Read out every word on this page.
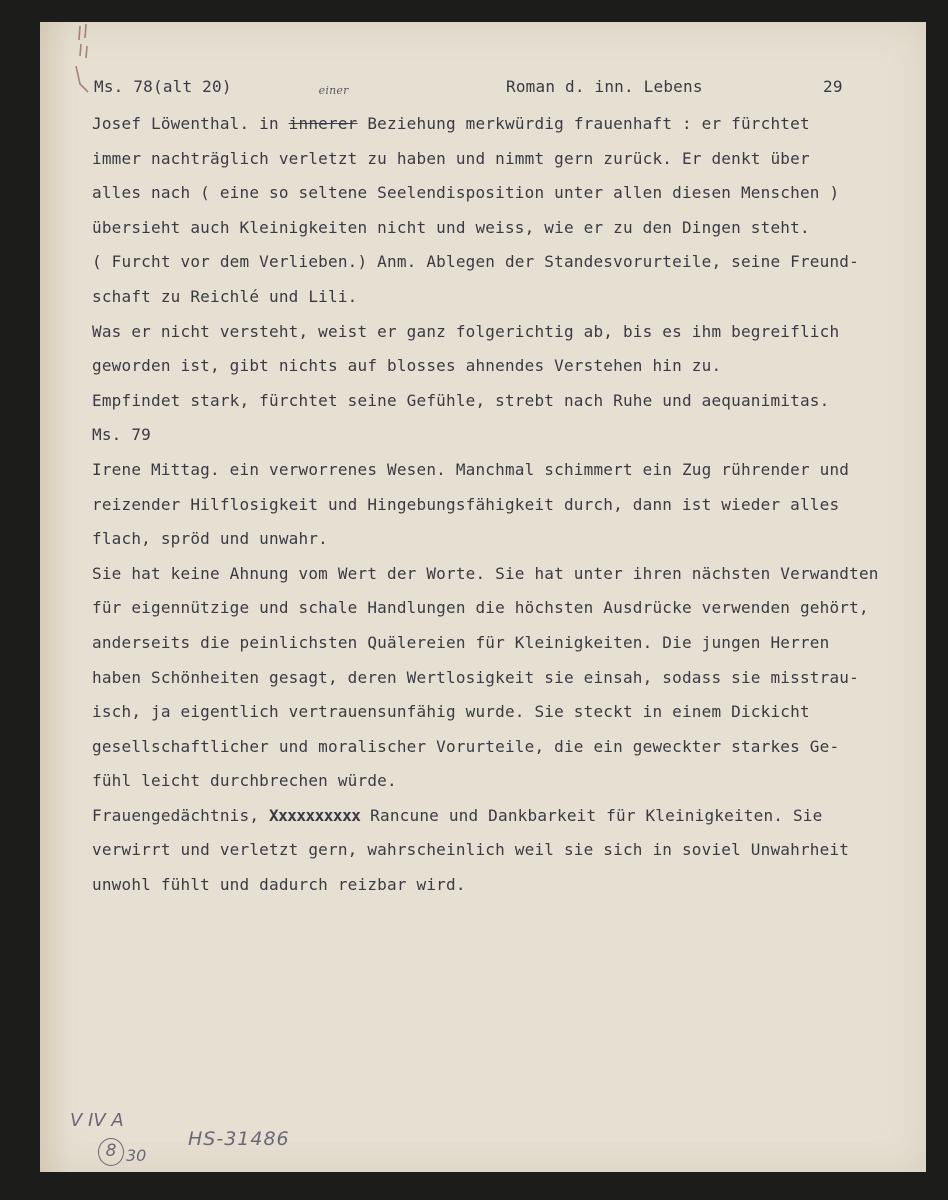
Ms. 78(alt 20)	Roman d. inn. Lebens	29
Josef Löwenthal. in innerer
einer
Beziehung merkwürdig frauenhaft : er fürchtet
immer nachträglich verletzt zu haben und nimmt gern zurück. Er denkt über
alles nach ( eine so seltene Seelendisposition unter allen diesen Menschen )
übersieht auch Kleinigkeiten nicht und weiss, wie er zu den Dingen steht.
( Furcht vor dem Verlieben.) Anm. Ablegen der Standesvorurteile, seine Freund-
schaft zu Reichlé und Lili.
Was er nicht versteht, weist er ganz folgerichtig ab, bis es ihm begreiflich
geworden ist, gibt nichts auf blosses ahnendes Verstehen hin zu.
Empfindet stark, fürchtet seine Gefühle, strebt nach Ruhe und aequanimitas.
Ms. 79
Irene Mittag. ein verworrenes Wesen. Manchmal schimmert ein Zug rührender und
reizender Hilflosigkeit und Hingebungsfähigkeit durch, dann ist wieder alles
flach, spröd und unwahr.
Sie hat keine Ahnung vom Wert der Worte. Sie hat unter ihren nächsten Verwandten
für eigennützige und schale Handlungen die höchsten Ausdrücke verwenden gehört,
anderseits die peinlichsten Quälereien für Kleinigkeiten. Die jungen Herren
haben Schönheiten gesagt, deren Wertlosigkeit sie einsah, sodass sie misstrau-
isch, ja eigentlich vertrauensunfähig wurde. Sie steckt in einem Dickicht
gesellschaftlicher und moralischer Vorurteile, die ein geweckter starkes Ge-
fühl leicht durchbrechen würde.
Frauengedächtnis, Xxxxxxxxxx Rancune und Dankbarkeit für Kleinigkeiten. Sie
verwirrt und verletzt gern, wahrscheinlich weil sie sich in soviel Unwahrheit
unwohl fühlt und dadurch reizbar wird.
V IV A
8 30
HS-31486
